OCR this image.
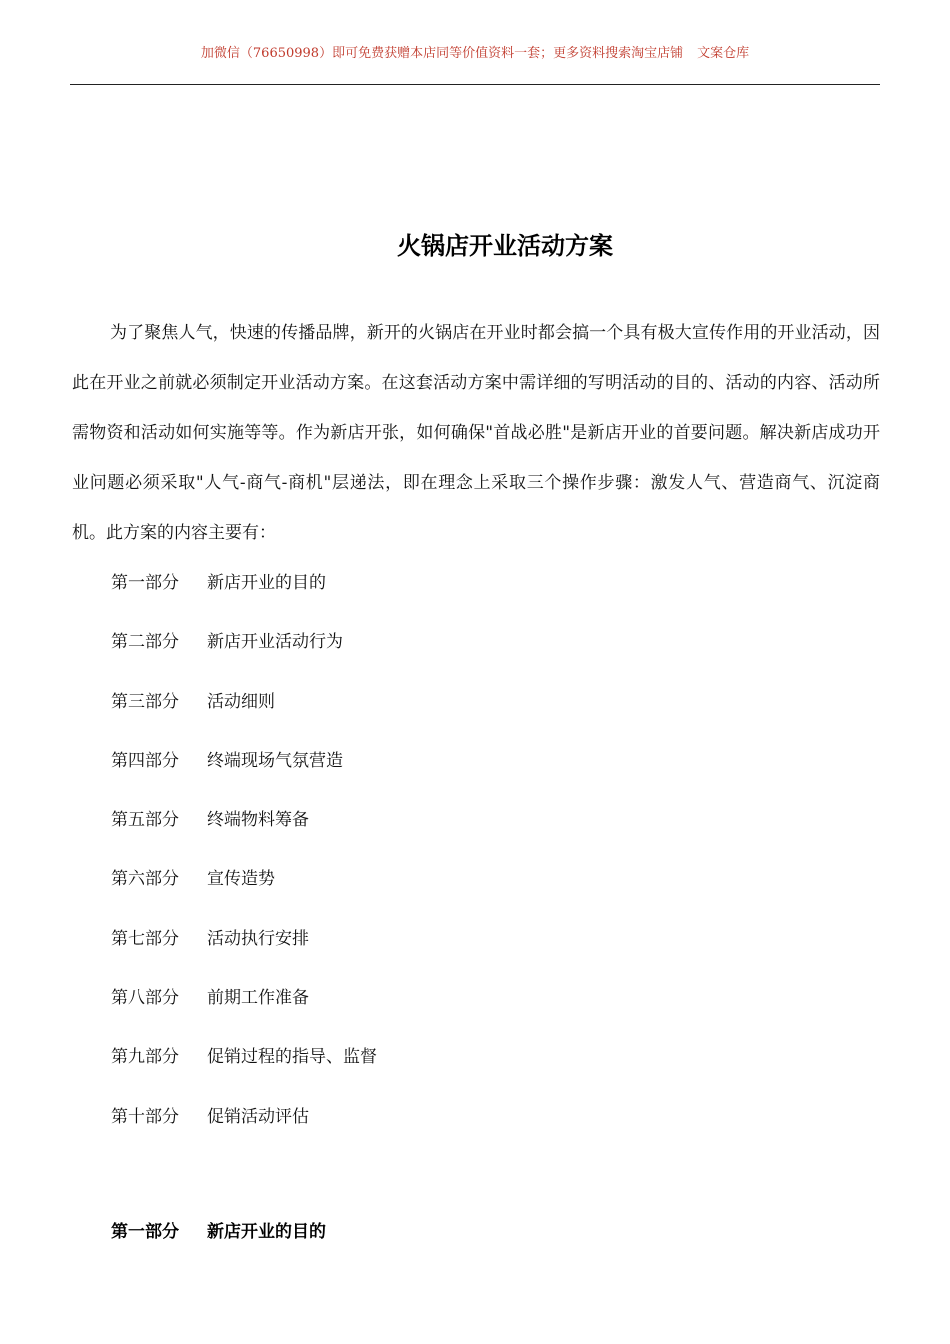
加微信（76650998）即可免费获赠本店同等价值资料一套；更多资料搜索淘宝店铺 文案仓库
火锅店开业活动方案

为了聚焦人气，快速的传播品牌，新开的火锅店在开业时都会搞一个具有极大宣传作用的开业活动，因此在开业之前就必须制定开业活动方案。在这套活动方案中需详细的写明活动的目的、活动的内容、活动所需物资和活动如何实施等等。作为新店开张，如何确保"首战必胜"是新店开业的首要问题。解决新店成功开业问题必须采取"人气-商气-商机"层递法，即在理念上采取三个操作步骤：激发人气、营造商气、沉淀商机。此方案的内容主要有：

第一部分 新店开业的目的
第二部分 新店开业活动行为
第三部分 活动细则
第四部分 终端现场气氛营造
第五部分 终端物料筹备
第六部分 宣传造势
第七部分 活动执行安排
第八部分 前期工作准备
第九部分 促销过程的指导、监督
第十部分 促销活动评估
第一部分 新店开业的目的
